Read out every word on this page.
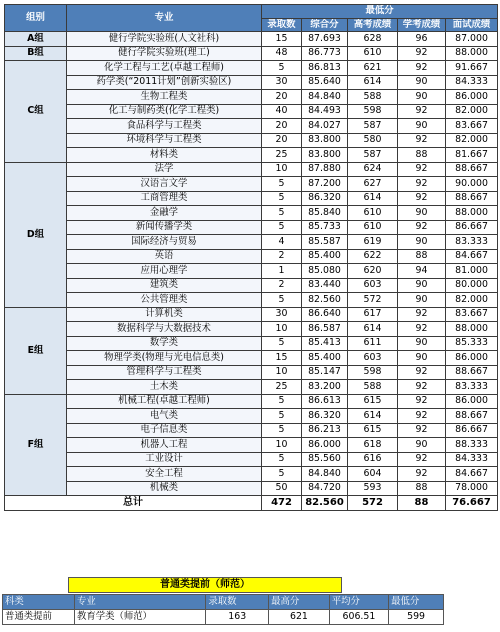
组别	专业	最低分				
		录取数	综合分	高考成绩	学考成绩	面试成绩
A组	健行学院实验班(人文社科)	15	87.693	628	96	87.000
B组	健行学院实验班(理工)	48	86.773	610	92	88.000
C组	化学工程与工艺(卓越工程师)	5	86.813	621	92	91.667
	药学类(“2011计划”创新实验区)	30	85.640	614	90	84.333
	生物工程类	20	84.840	588	90	86.000
	化工与制药类(化学工程类)	40	84.493	598	92	82.000
	食品科学与工程类	20	84.027	587	90	83.667
	环境科学与工程类	20	83.800	580	92	82.000
	材料类	25	83.800	587	88	81.667
D组	法学	10	87.880	624	92	88.667
	汉语言文学	5	87.200	627	92	90.000
	工商管理类	5	86.320	614	92	88.667
	金融学	5	85.840	610	90	88.000
	新闻传播学类	5	85.733	610	92	86.667
	国际经济与贸易	4	85.587	619	90	83.333
	英语	2	85.400	622	88	84.667
	应用心理学	1	85.080	620	94	81.000
	建筑类	2	83.440	603	90	80.000
	公共管理类	5	82.560	572	90	82.000
E组	计算机类	30	86.640	617	92	83.667
	数据科学与大数据技术	10	86.587	614	92	88.000
	数学类	5	85.413	611	90	85.333
	物理学类(物理与光电信息类)	15	85.400	603	90	86.000
	管理科学与工程类	10	85.147	598	92	88.667
	土木类	25	83.200	588	92	83.333
F组	机械工程(卓越工程师)	5	86.613	615	92	86.000
	电气类	5	86.320	614	92	88.667
	电子信息类	5	86.213	615	92	86.667
	机器人工程	10	86.000	618	90	88.333
	工业设计	5	85.560	616	92	84.333
	安全工程	5	84.840	604	92	84.667
	机械类	50	84.720	593	88	78.000
总计		472	82.560	572	88	76.667
普通类提前（师范）
科类	专业	录取数	最高分	平均分	最低分
普通类提前	教育学类（师范）	163	621	606.51	599
